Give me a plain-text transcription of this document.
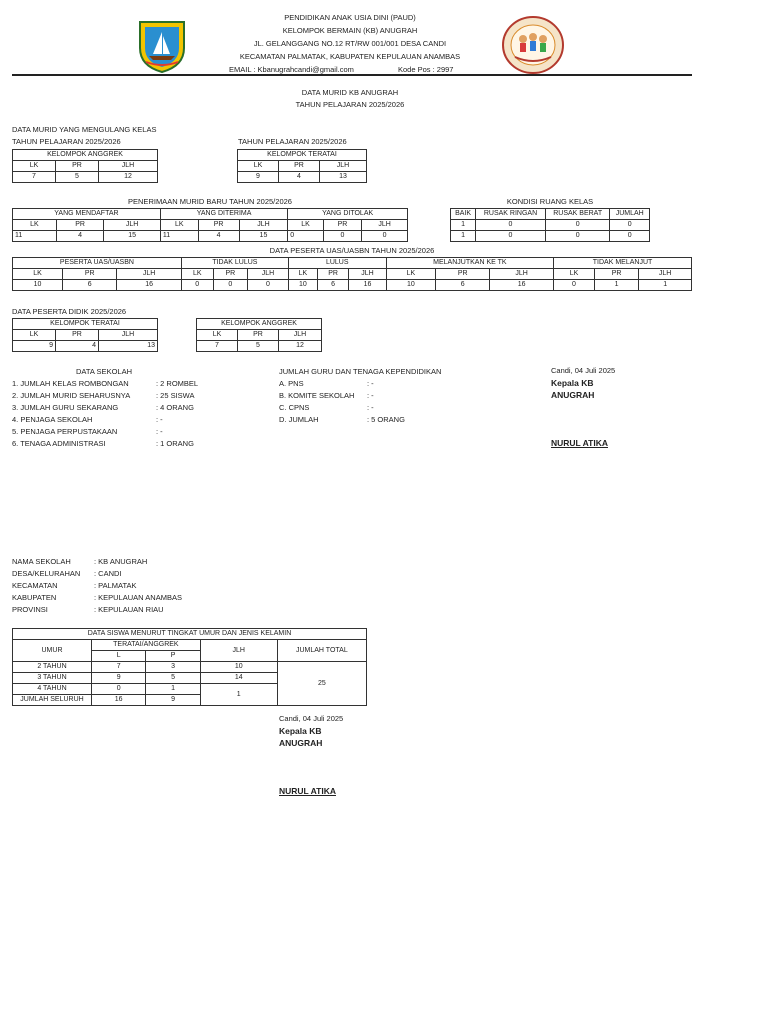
PENDIDIKAN ANAK USIA DINI (PAUD)
KELOMPOK BERMAIN (KB) ANUGRAH
JL. GELANGGANG NO.12 RT/RW 001/001 DESA CANDI
KECAMATAN PALMATAK, KABUPATEN KEPULAUAN ANAMBAS
EMAIL : Kbanugrahcandi@gmail.com	Kode Pos : 2997
DATA MURID KB ANUGRAH
TAHUN PELAJARAN 2025/2026
DATA MURID YANG MENGULANG KELAS
TAHUN PELAJARAN 2025/2026	TAHUN PELAJARAN 2025/2026
KELOMPOK ANGGREK		
LK	PR	JLH
7	5	12
KELOMPOK TERATAI		
LK	PR	JLH
9	4	13
PENERIMAAN MURID BARU TAHUN 2025/2026
YANG MENDAFTAR			YANG DITERIMA			YANG DITOLAK		
LK	PR	JLH	LK	PR	JLH	LK	PR	JLH
11	4	15	11	4	15	0	0	0
KONDISI RUANG KELAS
BAIK	RUSAK RINGAN	RUSAK BERAT	JUMLAH
1	0	0	0
1	0	0	0
DATA PESERTA UAS/UASBN TAHUN 2025/2026
PESERTA UAS/UASBN			TIDAK LULUS			LULUS			MELANJUTKAN KE TK			TIDAK MELANJUT		
LK	PR	JLH	LK	PR	JLH	LK	PR	JLH	LK	PR	JLH	LK	PR	JLH
10	6	16	0	0	0	10	6	16	10	6	16	0	1	1
DATA PESERTA DIDIK 2025/2026
KELOMPOK TERATAI		
LK	PR	JLH
9	4	13
KELOMPOK ANGGREK		
LK	PR	JLH
7	5	12
DATA SEKOLAH
1. JUMLAH KELAS ROMBONGAN	: 2 ROMBEL
2. JUMLAH MURID SEHARUSNYA	: 25 SISWA
3. JUMLAH GURU SEKARANG	: 4 ORANG
4. PENJAGA SEKOLAH	: -
5. PENJAGA PERPUSTAKAAN	: -
6. TENAGA ADMINISTRASI	: 1 ORANG
JUMLAH GURU DAN TENAGA KEPENDIDIKAN
A. PNS	: -
B. KOMITE SEKOLAH : -
C. CPNS	: -
D. JUMLAH	: 5 ORANG
Candi, 04 Juli 2025
Kepala KB
ANUGRAH
NURUL ATIKA
NAMA SEKOLAH	: KB ANUGRAH
DESA/KELURAHAN : CANDI
KECAMATAN	: PALMATAK
KABUPATEN	: KEPULAUAN ANAMBAS
PROVINSI	: KEPULAUAN RIAU
DATA SISWA MENURUT TINGKAT UMUR DAN JENIS KELAMIN				
UMUR	TERATAI/ANGGREK		JLH	JUMLAH TOTAL
	L	P		
2 TAHUN	7	3	10	25
3 TAHUN	9	5	14	
4 TAHUN	0	1	1	
JUMLAH SELURUH	16	9		
Candi, 04 Juli 2025
Kepala KB
ANUGRAH
NURUL ATIKA
